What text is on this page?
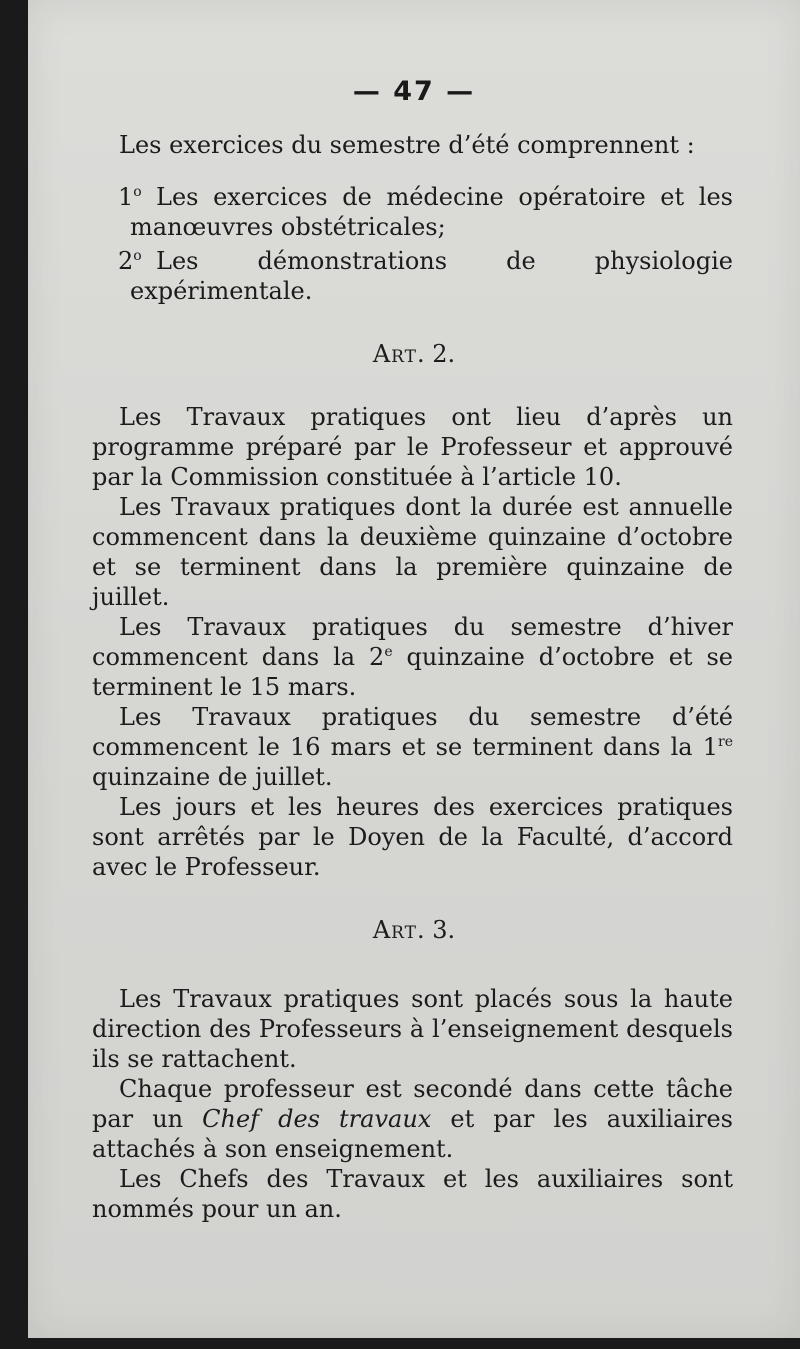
— 47 —

Les exercices du semestre d’été comprennent :

1$^o$ Les exercices de médecine opératoire et les manœuvres obstétricales;

2$^o$ Les démonstrations de physiologie expérimentale.

Art. 2.

Les Travaux pratiques ont lieu d’après un programme préparé par le Professeur et approuvé par la Commission constituée à l’article 10.

Les Travaux pratiques dont la durée est annuelle commencent dans la deuxième quinzaine d’octobre et se terminent dans la première quinzaine de juillet.

Les Travaux pratiques du semestre d’hiver commencent dans la 2e quinzaine d’octobre et se terminent le 15 mars.

Les Travaux pratiques du semestre d’été commencent le 16 mars et se terminent dans la 1re quinzaine de juillet.

Les jours et les heures des exercices pratiques sont arrêtés par le Doyen de la Faculté, d’accord avec le Professeur.

Art. 3.

Les Travaux pratiques sont placés sous la haute direction des Professeurs à l’enseignement desquels ils se rattachent.

Chaque professeur est secondé dans cette tâche par un Chef des travaux et par les auxiliaires attachés à son enseignement.

Les Chefs des Travaux et les auxiliaires sont nommés pour un an.
